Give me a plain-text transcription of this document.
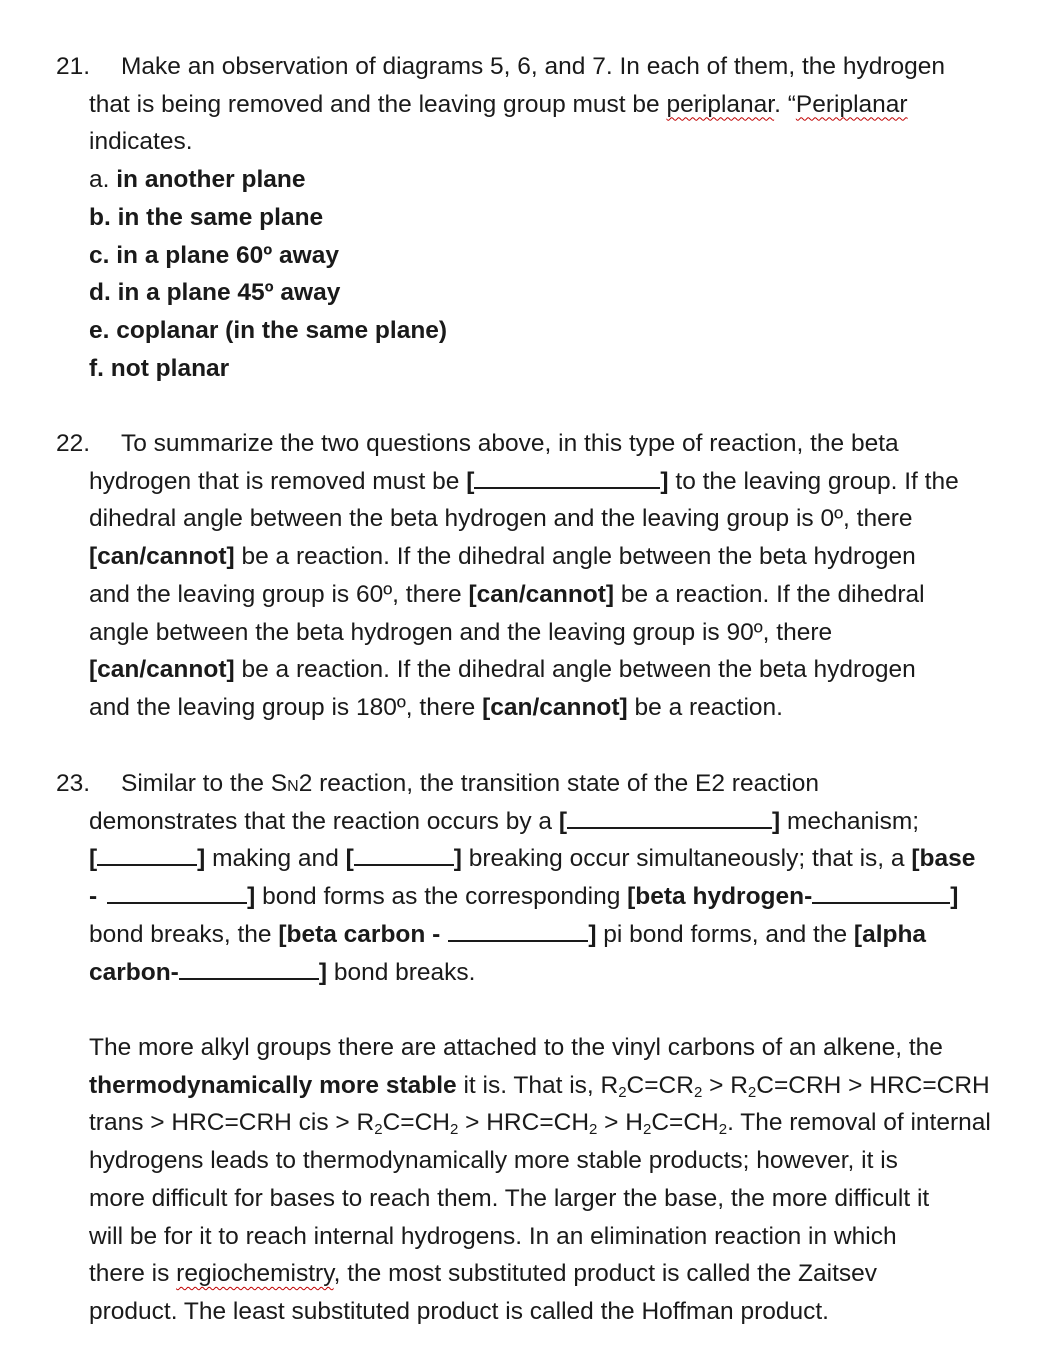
21. Make an observation of diagrams 5, 6, and 7. In each of them, the hydrogen
that is being removed and the leaving group must be periplanar. “Periplanar
indicates.
a. in another plane
b. in the same plane
c. in a plane 60º away
d. in a plane 45º away
e. coplanar (in the same plane)
f. not planar
22. To summarize the two questions above, in this type of reaction, the beta
hydrogen that is removed must be [	] to the leaving group. If the
dihedral angle between the beta hydrogen and the leaving group is 0º, there
[can/cannot] be a reaction. If the dihedral angle between the beta hydrogen
and the leaving group is 60º, there [can/cannot] be a reaction. If the dihedral
angle between the beta hydrogen and the leaving group is 90º, there
[can/cannot] be a reaction. If the dihedral angle between the beta hydrogen
and the leaving group is 180º, there [can/cannot] be a reaction.
23. Similar to the SN2 reaction, the transition state of the E2 reaction
demonstrates that the reaction occurs by a [	] mechanism;
[	] making and [	] breaking occur simultaneously; that is, a [base
-	] bond forms as the corresponding [beta hydrogen-	]
bond breaks, the [beta carbon -	] pi bond forms, and the [alpha
carbon-	] bond breaks.
The more alkyl groups there are attached to the vinyl carbons of an alkene, the
thermodynamically more stable it is. That is, $R_2C=CR_2 > R_2C=CRH > HRC=CRH$
trans > HRC=CRH cis > $R_2C=CH_2 > HRC=CH_2 > H_2C=CH_2$. The removal of internal
hydrogens leads to thermodynamically more stable products; however, it is
more difficult for bases to reach them. The larger the base, the more difficult it
will be for it to reach internal hydrogens. In an elimination reaction in which
there is regiochemistry, the most substituted product is called the Zaitsev
product. The least substituted product is called the Hoffman product.
